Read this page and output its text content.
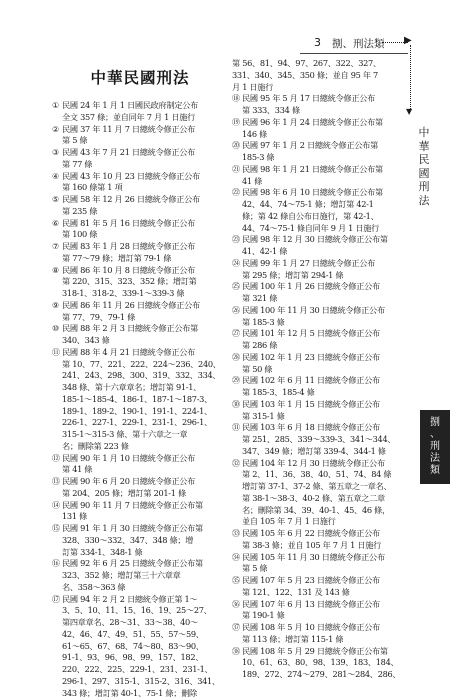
3 捌、刑法類 ▶
▼
中
華
民
國
刑
法
捌
、
刑
法
類
中華民國刑法
① 民國 24 年 1 月 1 日國民政府制定公布
全文 357 條；並自同年 7 月 1 日施行
② 民國 37 年 11 月 7 日總統令修正公布
第 5 條
③ 民國 43 年 7 月 21 日總統令修正公布
第 77 條
④ 民國 43 年 10 月 23 日總統令修正公布
第 160 條第 1 項
⑤ 民國 58 年 12 月 26 日總統令修正公布
第 235 條
⑥ 民國 81 年 5 月 16 日總統令修正公布
第 100 條
⑦ 民國 83 年 1 月 28 日總統令修正公布
第 77～79 條；增訂第 79-1 條
⑧ 民國 86 年 10 月 8 日總統令修正公布
第 220、315、323、352 條；增訂第
318-1、318-2、339-1～339-3 條
⑨ 民國 86 年 11 月 26 日總統令修正公布
第 77、79、79-1 條
⑩ 民國 88 年 2 月 3 日總統令修正公布第
340、343 條
⑪ 民國 88 年 4 月 21 日總統令修正公布
第 10、77、221、222、224～236、240、
241、243、298、300、319、332、334、
348 條、第十六章章名；增訂第 91-1、
185-1～185-4、186-1、187-1～187-3、
189-1、189-2、190-1、191-1、224-1、
226-1、227-1、229-1、231-1、296-1、
315-1～315-3 條、第十六章之一章
名；刪除第 223 條
⑫ 民國 90 年 1 月 10 日總統令修正公布
第 41 條
⑬ 民國 90 年 6 月 20 日總統令修正公布
第 204、205 條；增訂第 201-1 條
⑭ 民國 90 年 11 月 7 日總統令修正公布第
131 條
⑮ 民國 91 年 1 月 30 日總統令修正公布第
328、330～332、347、348 條；增
訂第 334-1、348-1 條
⑯ 民國 92 年 6 月 25 日總統令修正公布第
323、352 條；增訂第三十六章章
名、358～363 條
⑰ 民國 94 年 2 月 2 日總統令修正第 1～
3、5、10、11、15、16、19、25～27、
第四章章名、28～31、33～38、40～
42、46、47、49、51、55、57～59、
61～65、67、68、74～80、83～90、
91-1、93、96、98、99、157、182、
220、222、225、229-1、231、231-1、
296-1、297、315-1、315-2、316、341、
343 條；增訂第 40-1、75-1 條；刪除
第 56、81、94、97、267、322、327、
331、340、345、350 條；並自 95 年 7
月 1 日施行
⑱ 民國 95 年 5 月 17 日總統令修正公布
第 333、334 條
⑲ 民國 96 年 1 月 24 日總統令修正公布第
146 條
⑳ 民國 97 年 1 月 2 日總統令修正公布第
185-3 條
㉑ 民國 98 年 1 月 21 日總統令修正公布第
41 條
㉒ 民國 98 年 6 月 10 日總統令修正公布第
42、44、74～75-1 條；增訂第 42-1
條；第 42 條自公布日施行，第 42-1、
44、74～75-1 條自同年 9 月 1 日施行
㉓ 民國 98 年 12 月 30 日總統令修正公布第
41、42-1 條
㉔ 民國 99 年 1 月 27 日總統令修正公布
第 295 條；增訂第 294-1 條
㉕ 民國 100 年 1 月 26 日總統令修正公布
第 321 條
㉖ 民國 100 年 11 月 30 日總統令修正公布
第 185-3 條
㉗ 民國 101 年 12 月 5 日總統令修正公布
第 286 條
㉘ 民國 102 年 1 月 23 日總統令修正公布
第 50 條
㉙ 民國 102 年 6 月 11 日總統令修正公布
第 185-3、185-4 條
㉚ 民國 103 年 1 月 15 日總統令修正公布
第 315-1 條
㉛ 民國 103 年 6 月 18 日總統令修正公布
第 251、285、339～339-3、341～344、
347、349 條；增訂第 339-4、344-1 條
㉜ 民國 104 年 12 月 30 日總統令修正公布
第 2、11、36、38、40、51、74、84 條
增訂第 37-1、37-2 條、第五章之一章名、
第 38-1～38-3、40-2 條、第五章之二章
名；刪除第 34、39、40-1、45、46 條，
並自 105 年 7 月 1 日施行
㉝ 民國 105 年 6 月 22 日總統令修正公布
第 38-3 條；並自 105 年 7 月 1 日施行
㉞ 民國 105 年 11 月 30 日總統令修正公布
第 5 條
㉟ 民國 107 年 5 月 23 日總統令修正公布
第 121、122、131 及 143 條
㊱ 民國 107 年 6 月 13 日總統令修正公布
第 190-1 條
㊲ 民國 108 年 5 月 10 日總統令修正公布
第 113 條；增訂第 115-1 條
㊳ 民國 108 年 5 月 29 日總統令修正公布第
10、61、63、80、98、139、183、184、
189、272、274～279、281～284、286、
